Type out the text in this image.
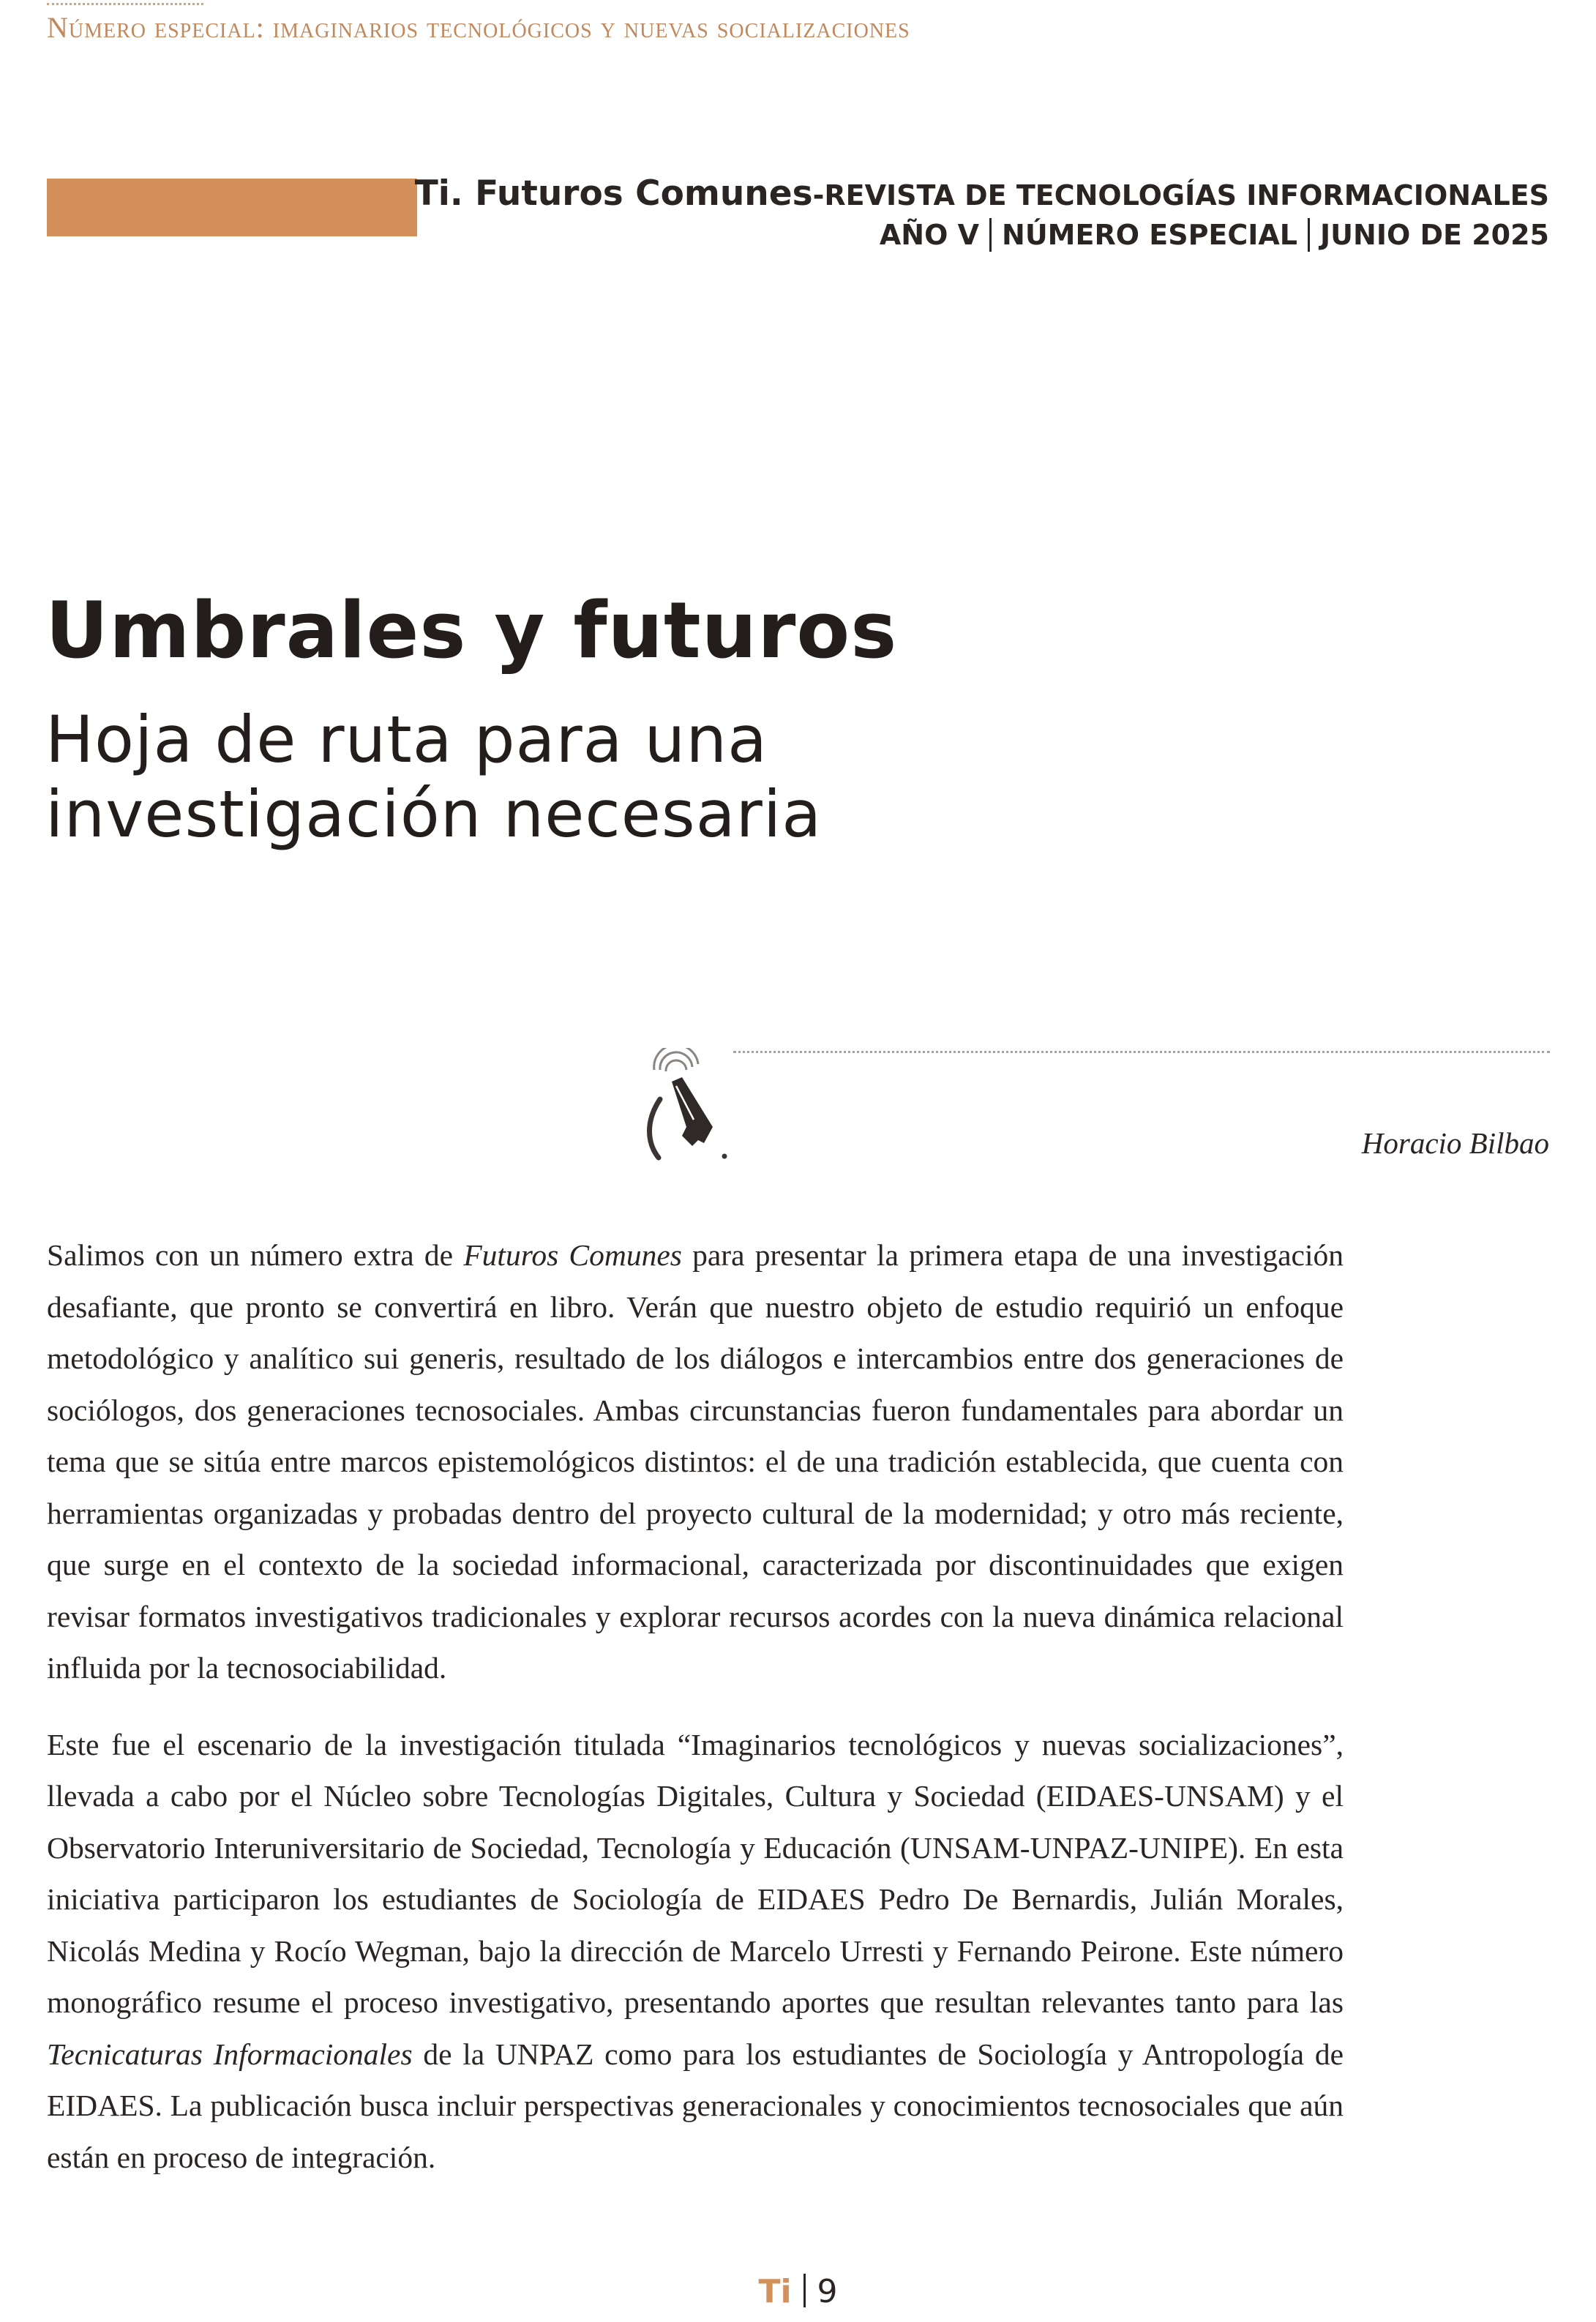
Número especial: imaginarios tecnológicos y nuevas socializaciones
Ti. Futuros Comunes-REVISTA DE TECNOLOGÍAS INFORMACIONALES
AÑO V NÚMERO ESPECIAL JUNIO DE 2025
Umbrales y futuros
Hoja de ruta para una investigación necesaria
Horacio Bilbao

Salimos con un número extra de Futuros Comunes para presentar la primera etapa de una investigación desafiante, que pronto se convertirá en libro. Verán que nuestro objeto de estudio requirió un enfoque metodológico y analítico sui generis, resultado de los diálogos e intercambios entre dos generaciones de sociólogos, dos generaciones tecnosociales. Ambas circunstancias fueron fundamentales para abordar un tema que se sitúa entre marcos epistemológicos distintos: el de una tradición establecida, que cuenta con herramientas organizadas y probadas dentro del proyecto cultural de la modernidad; y otro más reciente, que surge en el contexto de la sociedad informacional, caracterizada por discontinuidades que exigen revisar formatos investigativos tradicionales y explorar recursos acordes con la nueva dinámica relacional influida por la tecnosociabilidad.

Este fue el escenario de la investigación titulada “Imaginarios tecnológicos y nuevas socializaciones”, llevada a cabo por el Núcleo sobre Tecnologías Digitales, Cultura y Sociedad (EIDAES-UNSAM) y el Observatorio Interuniversitario de Sociedad, Tecnología y Educación (UNSAM-UNPAZ-UNIPE). En esta iniciativa participaron los estudiantes de Sociología de EIDAES Pedro De Bernardis, Julián Morales, Nicolás Medina y Rocío Wegman, bajo la dirección de Marcelo Urresti y Fernando Peirone. Este número monográfico resume el proceso investigativo, presentando aportes que resultan relevantes tanto para las Tecnicaturas Informacionales de la UNPAZ como para los estudiantes de Sociología y Antropología de EIDAES. La publicación busca incluir perspectivas generacionales y conocimientos tecnosociales que aún están en proceso de integración.

Ti 9
